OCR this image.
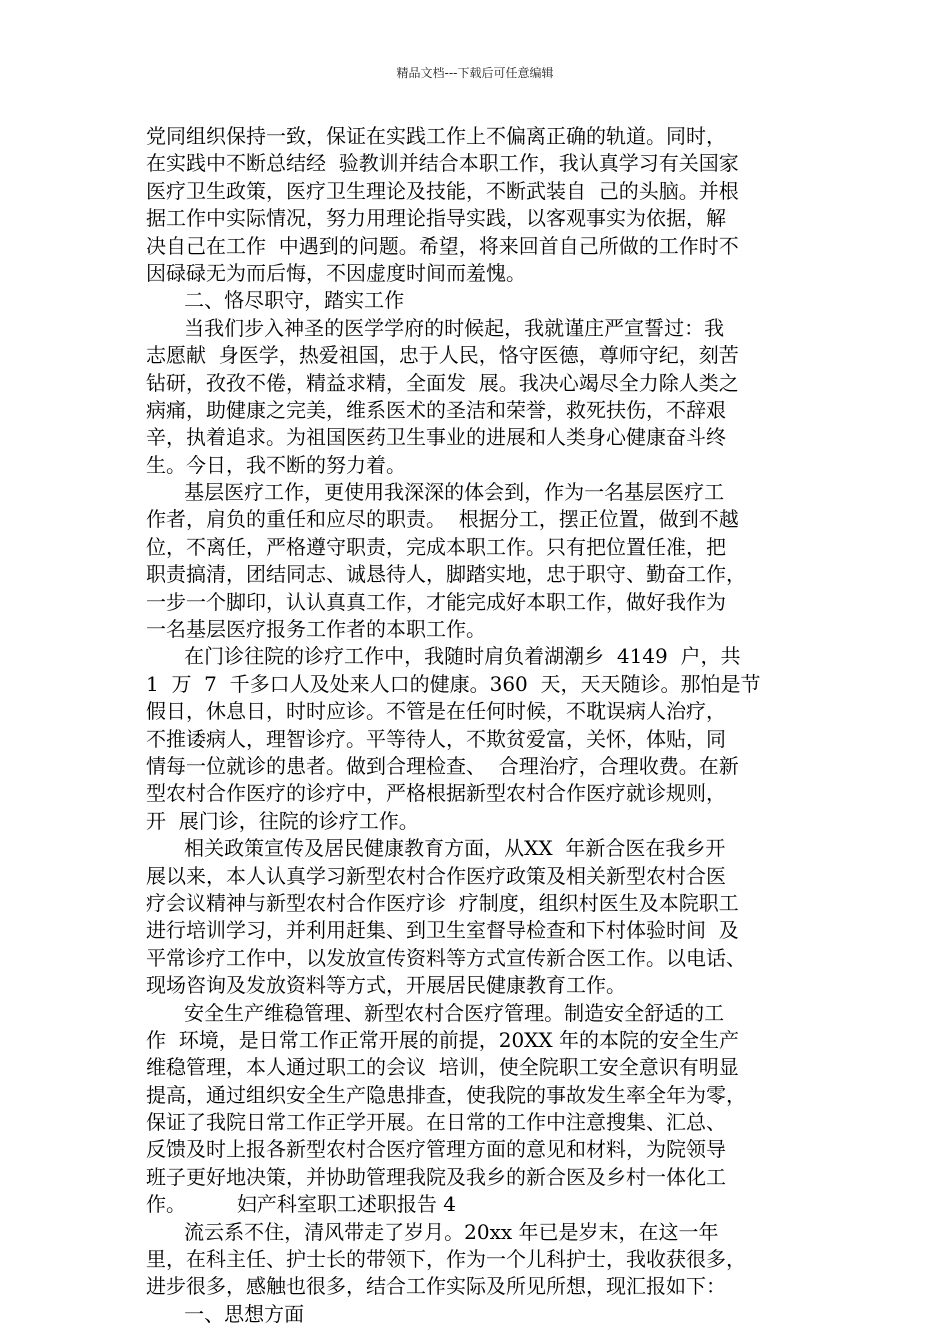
精品文档---下载后可任意编辑
党同组织保持一致，保证在实践工作上不偏离正确的轨道。同时，
在实践中不断总结经  验教训并结合本职工作，我认真学习有关国家
医疗卫生政策，医疗卫生理论及技能，不断武装自  己的头脑。并根
据工作中实际情况，努力用理论指导实践，以客观事实为依据，解
决自己在工作  中遇到的问题。希望，将来回首自己所做的工作时不
因碌碌无为而后悔，不因虚度时间而羞愧。
二、恪尽职守，踏实工作
当我们步入神圣的医学学府的时候起，我就谨庄严宣誓过：我
志愿献  身医学，热爱祖国，忠于人民，恪守医德，尊师守纪，刻苦
钻研，孜孜不倦，精益求精，全面发  展。我决心竭尽全力除人类之
病痛，助健康之完美，维系医术的圣洁和荣誉，救死扶伤，不辞艰
辛，执着追求。为祖国医药卫生事业的进展和人类身心健康奋斗终
生。今日，我不断的努力着。
基层医疗工作，更使用我深深的体会到，作为一名基层医疗工
作者，肩负的重任和应尽的职责。  根据分工，摆正位置，做到不越
位，不离任，严格遵守职责，完成本职工作。只有把位置任准，把
职责搞清，团结同志、诚恳待人，脚踏实地，忠于职守、勤奋工作，
一步一个脚印，认认真真工作，才能完成好本职工作，做好我作为
一名基层医疗报务工作者的本职工作。
在门诊往院的诊疗工作中，我随时肩负着湖潮乡  4149  户，共
1  万  7  千多口人及处来人口的健康。360  天，天天随诊。那怕是节
假日，休息日，时时应诊。不管是在任何时候，不耽误病人治疗，
不推诿病人，理智诊疗。平等待人，不欺贫爱富，关怀，体贴，同
情每一位就诊的患者。做到合理检查、  合理治疗，合理收费。在新
型农村合作医疗的诊疗中，严格根据新型农村合作医疗就诊规则，
开  展门诊，往院的诊疗工作。
相关政策宣传及居民健康教育方面，从XX  年新合医在我乡开
展以来，本人认真学习新型农村合作医疗政策及相关新型农村合医
疗会议精神与新型农村合作医疗诊  疗制度，组织村医生及本院职工
进行培训学习，并利用赶集、到卫生室督导检查和下村体验时间  及
平常诊疗工作中，以发放宣传资料等方式宣传新合医工作。以电话、
现场咨询及发放资料等方式，开展居民健康教育工作。
安全生产维稳管理、新型农村合医疗管理。制造安全舒适的工
作  环境，是日常工作正常开展的前提，20XX 年的本院的安全生产
维稳管理，本人通过职工的会议  培训，使全院职工安全意识有明显
提高，通过组织安全生产隐患排查，使我院的事故发生率全年为零，
保证了我院日常工作正学开展。在日常的工作中注意搜集、汇总、
反馈及时上报各新型农村合医疗管理方面的意见和材料，为院领导
班子更好地决策，并协助管理我院及我乡的新合医及乡村一体化工
作。        妇产科室职工述职报告 4
流云系不住，清风带走了岁月。20xx 年已是岁末，在这一年
里，在科主任、护士长的带领下，作为一个儿科护士，我收获很多，
进步很多，感触也很多，结合工作实际及所见所想，现汇报如下：
一、思想方面
